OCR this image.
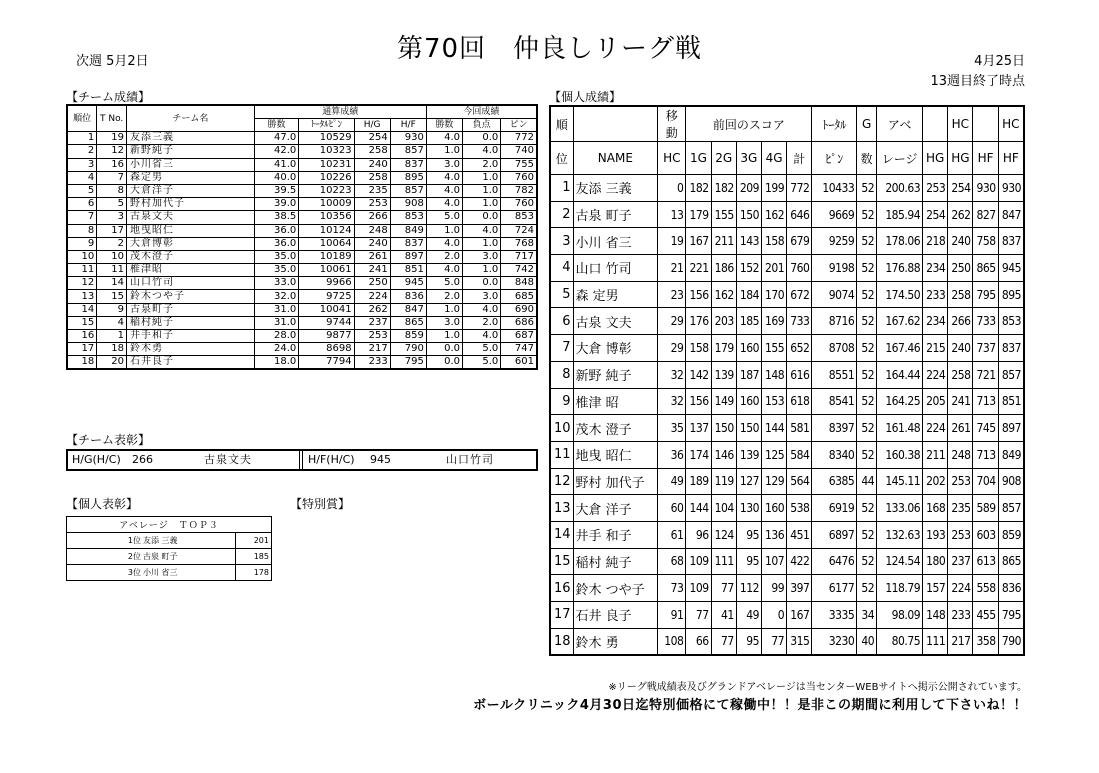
次週 5月2日	第70回　仲良しリーグ戦	4月25日
13週目終了時点
【チーム成績】
順位	T No.	チーム名	通算成績				今回成績		
			勝数	ﾄｰﾀﾙﾋﾟﾝ	H/G	H/F	勝数	負点	ピン
1	19	友添三義	47.0	10529	254	930	4.0	0.0	772
2	12	新野純子	42.0	10323	258	857	1.0	4.0	740
3	16	小川省三	41.0	10231	240	837	3.0	2.0	755
4	7	森定男	40.0	10226	258	895	4.0	1.0	760
5	8	大倉洋子	39.5	10223	235	857	4.0	1.0	782
6	5	野村加代子	39.0	10009	253	908	4.0	1.0	760
7	3	古泉文夫	38.5	10356	266	853	5.0	0.0	853
8	17	地曳昭仁	36.0	10124	248	849	1.0	4.0	724
9	2	大倉博彰	36.0	10064	240	837	4.0	1.0	768
10	10	茂木澄子	35.0	10189	261	897	2.0	3.0	717
11	11	椎津昭	35.0	10061	241	851	4.0	1.0	742
12	14	山口竹司	33.0	9966	250	945	5.0	0.0	848
13	15	鈴木つや子	32.0	9725	224	836	2.0	3.0	685
14	9	古泉町子	31.0	10041	262	847	1.0	4.0	690
15	4	稲村純子	31.0	9744	237	865	3.0	2.0	686
16	1	井手和子	28.0	9877	253	859	1.0	4.0	687
17	18	鈴木勇	24.0	8698	217	790	0.0	5.0	747
18	20	石井良子	18.0	7794	233	795	0.0	5.0	601
【チーム表彰】
H/G(H/C) 266	古泉文夫	H/F(H/C) 945	山口竹司
【個人表彰】	【特別賞】
アベレージ　ＴＯＰ３	
1位 友添 三義	201
2位 古泉 町子	185
3位 小川 省三	178
【個人成績】
順		移動	前回のスコア					ﾄｰﾀﾙ	G	アベ		HC		HC
位	NAME	HC	1G	2G	3G	4G	計	ﾋﾟﾝ	数	レージ	HG	HG	HF	HF
1	友添 三義	0	182	182	209	199	772	10433	52	200.63	253	254	930	930
2	古泉 町子	13	179	155	150	162	646	9669	52	185.94	254	262	827	847
3	小川 省三	19	167	211	143	158	679	9259	52	178.06	218	240	758	837
4	山口 竹司	21	221	186	152	201	760	9198	52	176.88	234	250	865	945
5	森 定男	23	156	162	184	170	672	9074	52	174.50	233	258	795	895
6	古泉 文夫	29	176	203	185	169	733	8716	52	167.62	234	266	733	853
7	大倉 博彰	29	158	179	160	155	652	8708	52	167.46	215	240	737	837
8	新野 純子	32	142	139	187	148	616	8551	52	164.44	224	258	721	857
9	椎津 昭	32	156	149	160	153	618	8541	52	164.25	205	241	713	851
10	茂木 澄子	35	137	150	150	144	581	8397	52	161.48	224	261	745	897
11	地曳 昭仁	36	174	146	139	125	584	8340	52	160.38	211	248	713	849
12	野村 加代子	49	189	119	127	129	564	6385	44	145.11	202	253	704	908
13	大倉 洋子	60	144	104	130	160	538	6919	52	133.06	168	235	589	857
14	井手 和子	61	96	124	95	136	451	6897	52	132.63	193	253	603	859
15	稲村 純子	68	109	111	95	107	422	6476	52	124.54	180	237	613	865
16	鈴木 つや子	73	109	77	112	99	397	6177	52	118.79	157	224	558	836
17	石井 良子	91	77	41	49	0	167	3335	34	98.09	148	233	455	795
18	鈴木 勇	108	66	77	95	77	315	3230	40	80.75	111	217	358	790
※リーグ戦成績表及びグランドアベレージは当センターWEBサイトへ掲示公開されています。
ボールクリニック4月30日迄特別価格にて稼働中！！是非この期間に利用して下さいね！！
